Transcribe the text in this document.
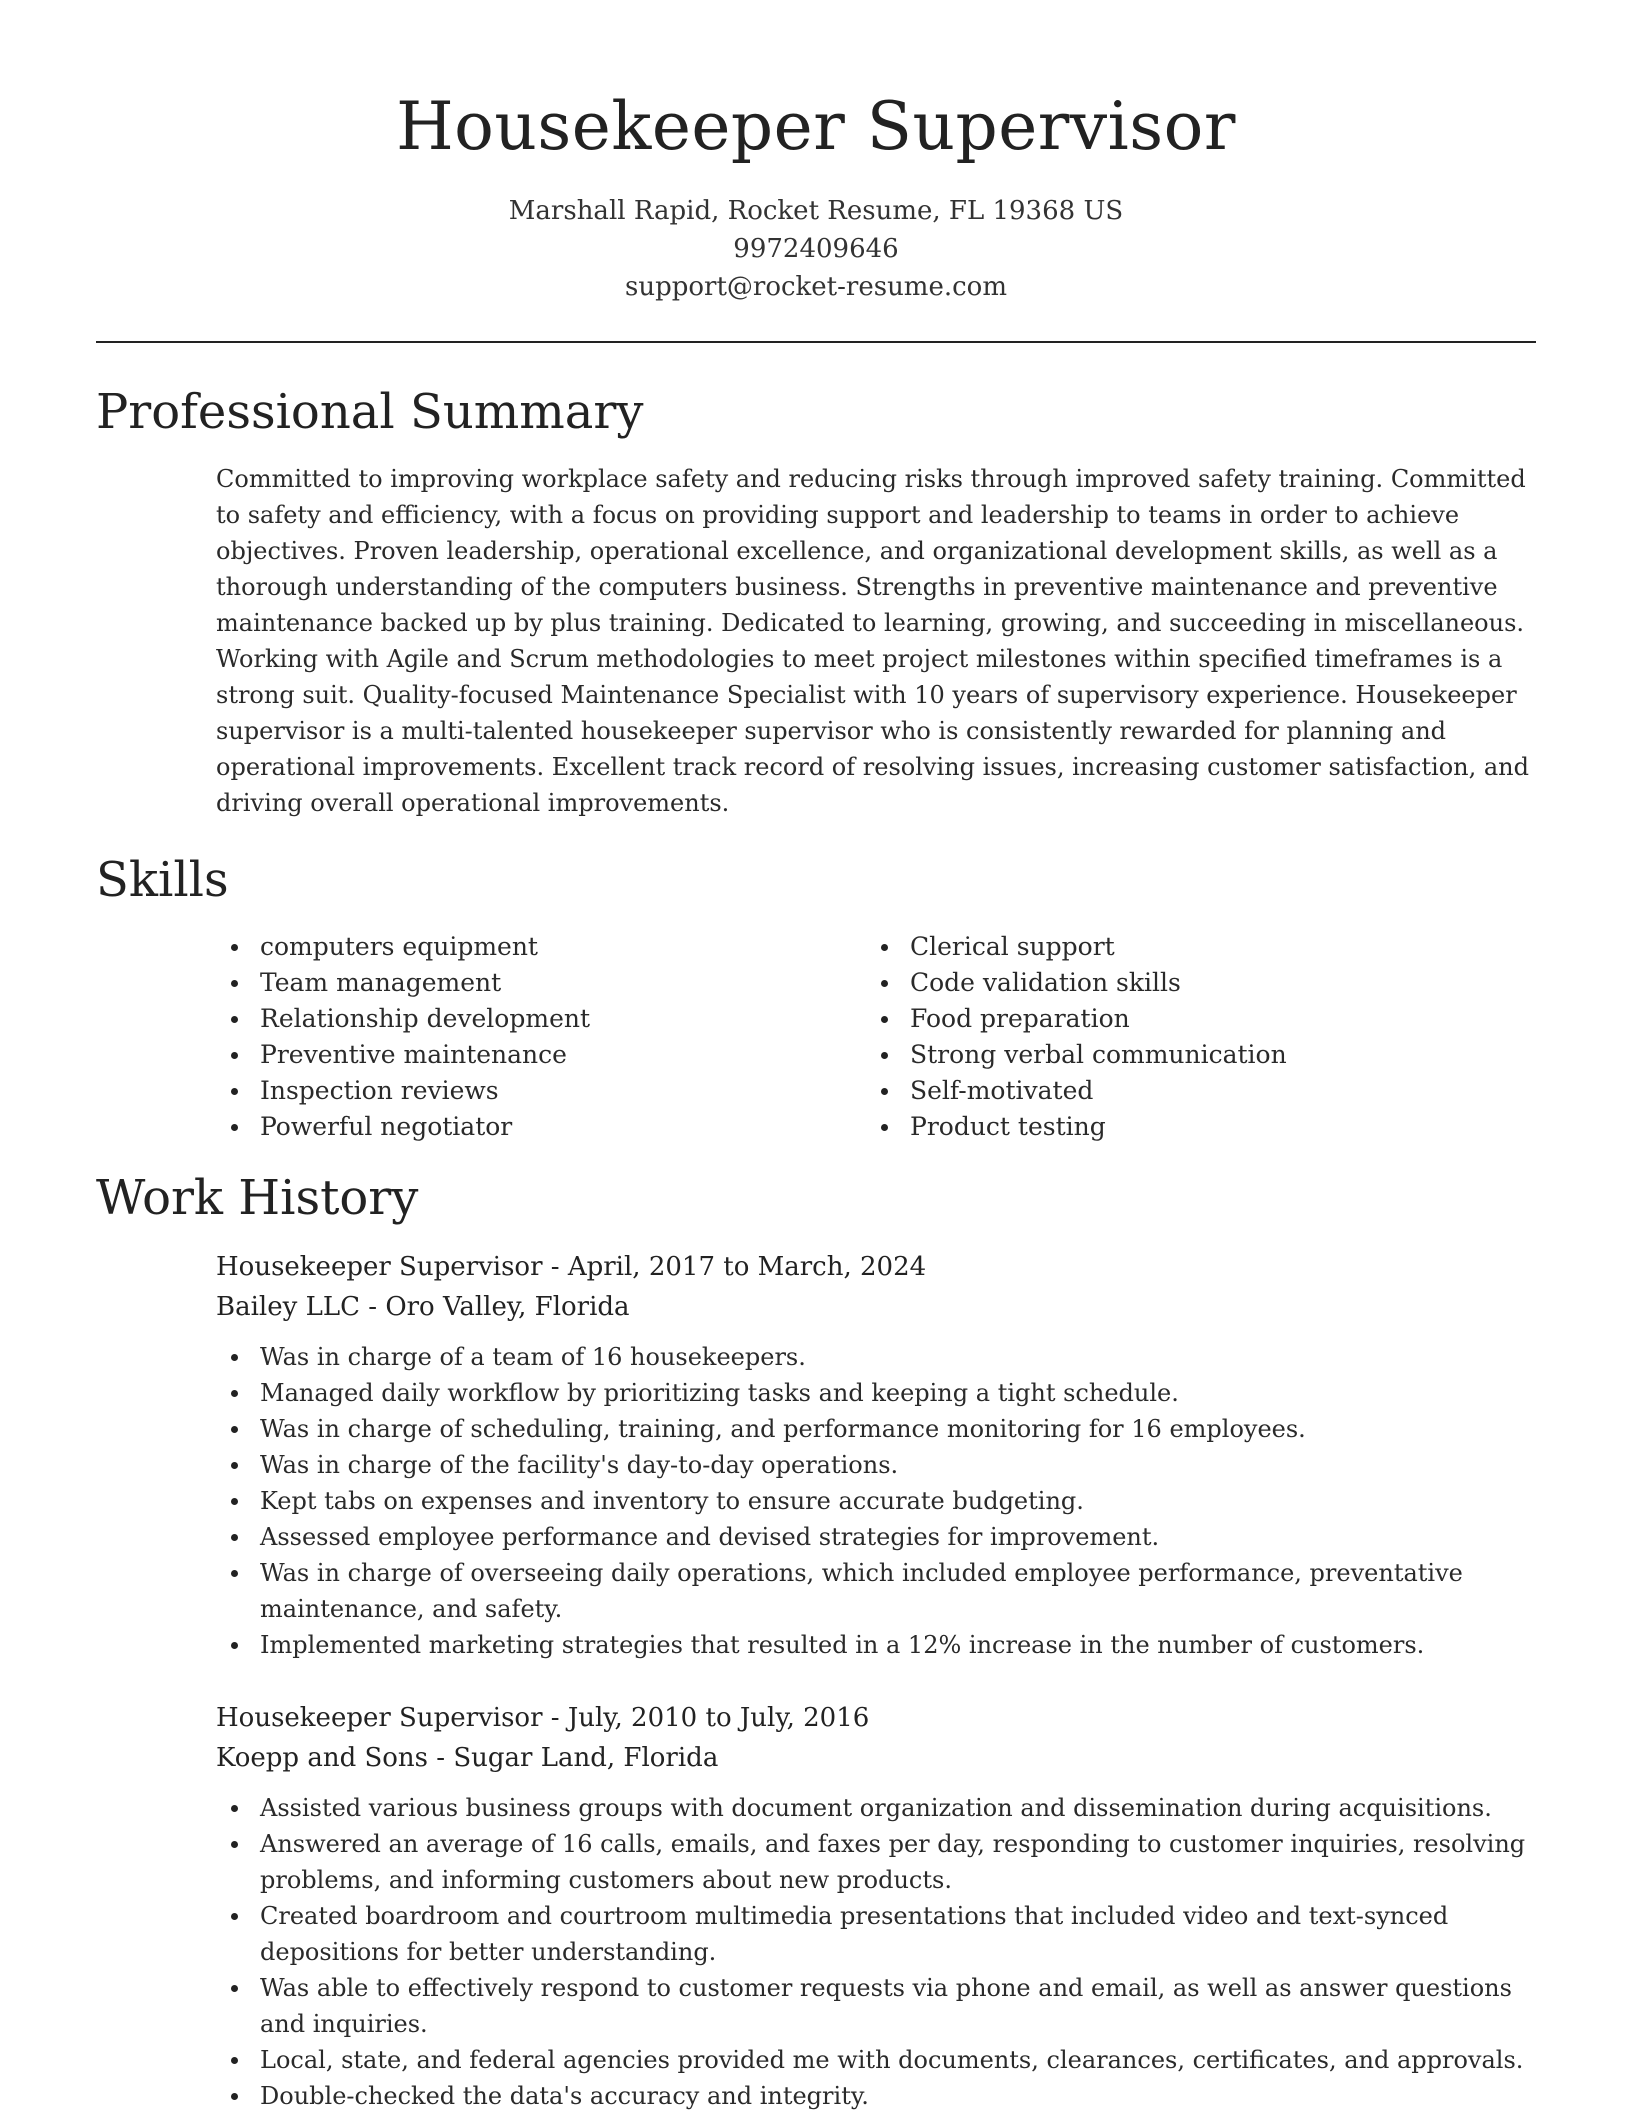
Housekeeper Supervisor
Marshall Rapid, Rocket Resume, FL 19368 US
9972409646
support@rocket-resume.com
Professional Summary

Committed to improving workplace safety and reducing risks through improved safety training. Committed to safety and efficiency, with a focus on providing support and leadership to teams in order to achieve objectives. Proven leadership, operational excellence, and organizational development skills, as well as a thorough understanding of the computers business. Strengths in preventive maintenance and preventive maintenance backed up by plus training. Dedicated to learning, growing, and succeeding in miscellaneous. Working with Agile and Scrum methodologies to meet project milestones within specified timeframes is a strong suit. Quality-focused Maintenance Specialist with 10 years of supervisory experience. Housekeeper supervisor is a multi-talented housekeeper supervisor who is consistently rewarded for planning and operational improvements. Excellent track record of resolving issues, increasing customer satisfaction, and driving overall operational improvements.

Skills
computers equipment
Team management
Relationship development
Preventive maintenance
Inspection reviews
Powerful negotiator
Clerical support
Code validation skills
Food preparation
Strong verbal communication
Self-motivated
Product testing
Work History
Housekeeper Supervisor - April, 2017 to March, 2024
Bailey LLC - Oro Valley, Florida
Was in charge of a team of 16 housekeepers.
Managed daily workflow by prioritizing tasks and keeping a tight schedule.
Was in charge of scheduling, training, and performance monitoring for 16 employees.
Was in charge of the facility's day-to-day operations.
Kept tabs on expenses and inventory to ensure accurate budgeting.
Assessed employee performance and devised strategies for improvement.
Was in charge of overseeing daily operations, which included employee performance, preventative maintenance, and safety.
Implemented marketing strategies that resulted in a 12% increase in the number of customers.
Housekeeper Supervisor - July, 2010 to July, 2016
Koepp and Sons - Sugar Land, Florida
Assisted various business groups with document organization and dissemination during acquisitions.
Answered an average of 16 calls, emails, and faxes per day, responding to customer inquiries, resolving problems, and informing customers about new products.
Created boardroom and courtroom multimedia presentations that included video and text-synced depositions for better understanding.
Was able to effectively respond to customer requests via phone and email, as well as answer questions and inquiries.
Local, state, and federal agencies provided me with documents, clearances, certificates, and approvals.
Double-checked the data's accuracy and integrity.
